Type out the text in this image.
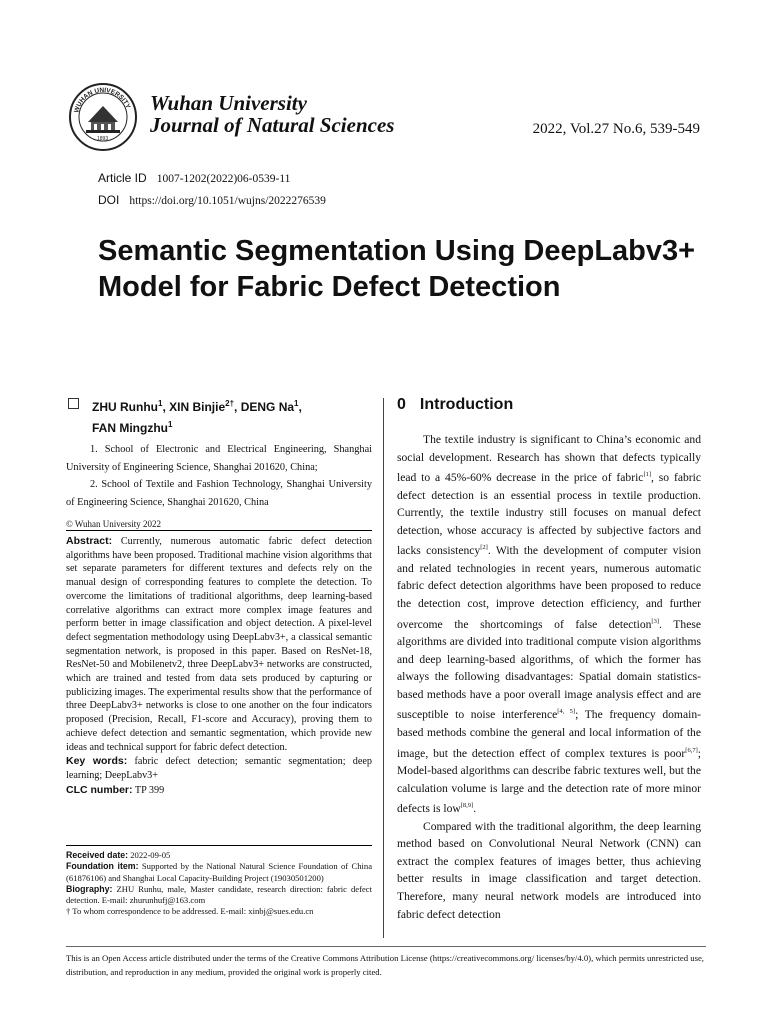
WUHAN UNIVERSITY
1893
Wuhan University
Journal of Natural Sciences	2022, Vol.27 No.6, 539-549
Article ID 1007-1202(2022)06-0539-11
DOI https://doi.org/10.1051/wujns/2022276539
Semantic Segmentation Using DeepLabv3+ Model for Fabric Defect Detection
ZHU Runhu$^1$, XIN Binjie$^{2\dagger}$, DENG Na$^1$,
FAN Mingzhu$^1$

1. School of Electronic and Electrical Engineering, Shanghai University of Engineering Science, Shanghai 201620, China;

2. School of Textile and Fashion Technology, Shanghai University of Engineering Science, Shanghai 201620, China

© Wuhan University 2022

Abstract: Currently, numerous automatic fabric defect detection algorithms have been proposed. Traditional machine vision algorithms that set separate parameters for different textures and defects rely on the manual design of corresponding features to complete the detection. To overcome the limitations of traditional algorithms, deep learning-based correlative algorithms can extract more complex image features and perform better in image classification and object detection. A pixel-level defect segmentation methodology using DeepLabv3+, a classical semantic segmentation network, is proposed in this paper. Based on ResNet-18, ResNet-50 and Mobilenetv2, three DeepLabv3+ networks are constructed, which are trained and tested from data sets produced by capturing or publicizing images. The experimental results show that the performance of three DeepLabv3+ networks is close to one another on the four indicators proposed (Precision, Recall, F1-score and Accuracy), proving them to achieve defect detection and semantic segmentation, which provide new ideas and technical support for fabric defect detection.

Key words: fabric defect detection; semantic segmentation; deep learning; DeepLabv3+

CLC number: TP 399

Received date: 2022-09-05

Foundation item: Supported by the National Natural Science Foundation of China (61876106) and Shanghai Local Capacity-Building Project (19030501200)

Biography: ZHU Runhu, male, Master candidate, research direction: fabric defect detection. E-mail: zhurunhufj@163.com

† To whom correspondence to be addressed. E-mail: xinbj@sues.edu.cn

0 Introduction

The textile industry is significant to China’s economic and social development. Research has shown that defects typically lead to a 45%-60% decrease in the price of fabric[1], so fabric defect detection is an essential process in textile production. Currently, the textile industry still focuses on manual defect detection, whose accuracy is affected by subjective factors and lacks consistency[2]. With the development of computer vision and related technologies in recent years, numerous automatic fabric defect detection algorithms have been proposed to reduce the detection cost, improve detection efficiency, and further overcome the shortcomings of false detection[3]. These algorithms are divided into traditional compute vision algorithms and deep learning-based algorithms, of which the former has always the following disadvantages: Spatial domain statistics-based methods have a poor overall image analysis effect and are susceptible to noise interference[4, 5]; The frequency domain-based methods combine the general and local information of the image, but the detection effect of complex textures is poor[6,7]; Model-based algorithms can describe fabric textures well, but the calculation volume is large and the detection rate of more minor defects is low[8,9].

Compared with the traditional algorithm, the deep learning method based on Convolutional Neural Network (CNN) can extract the complex features of images better, thus achieving better results in image classification and target detection. Therefore, many neural network models are introduced into fabric defect detection

This is an Open Access article distributed under the terms of the Creative Commons Attribution License (https://creativecommons.org/ licenses/by/4.0), which permits unrestricted use, distribution, and reproduction in any medium, provided the original work is properly cited.
